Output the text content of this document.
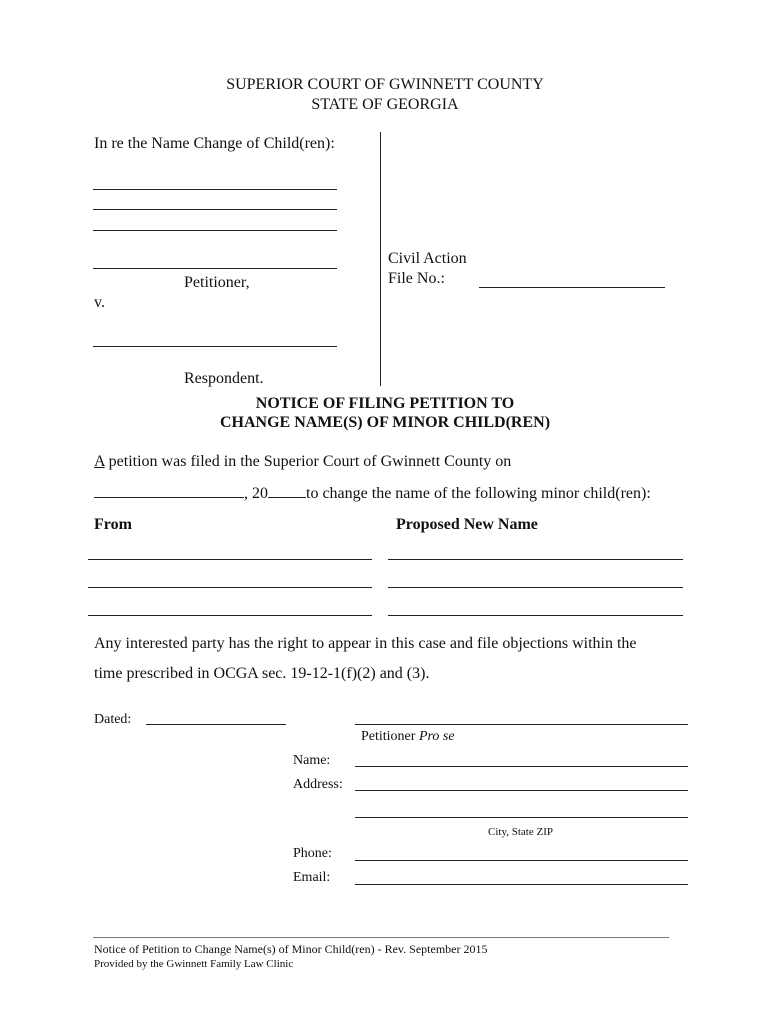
SUPERIOR COURT OF GWINNETT COUNTY
STATE OF GEORGIA
In re the Name Change of Child(ren):
Petitioner,
v.
Respondent.
Civil Action
File No.:
NOTICE OF FILING PETITION TO
CHANGE NAME(S) OF MINOR CHILD(REN)
A petition was filed in the Superior Court of Gwinnett County on
, 20 to change the name of the following minor child(ren):
From	Proposed New Name
Any interested party has the right to appear in this case and file objections within the
time prescribed in OCGA sec. 19-12-1(f)(2) and (3).
Dated:
Petitioner Pro se
Name:
Address:
City, State ZIP
Phone:
Email:
Notice of Petition to Change Name(s) of Minor Child(ren) - Rev. September 2015
Provided by the Gwinnett Family Law Clinic
